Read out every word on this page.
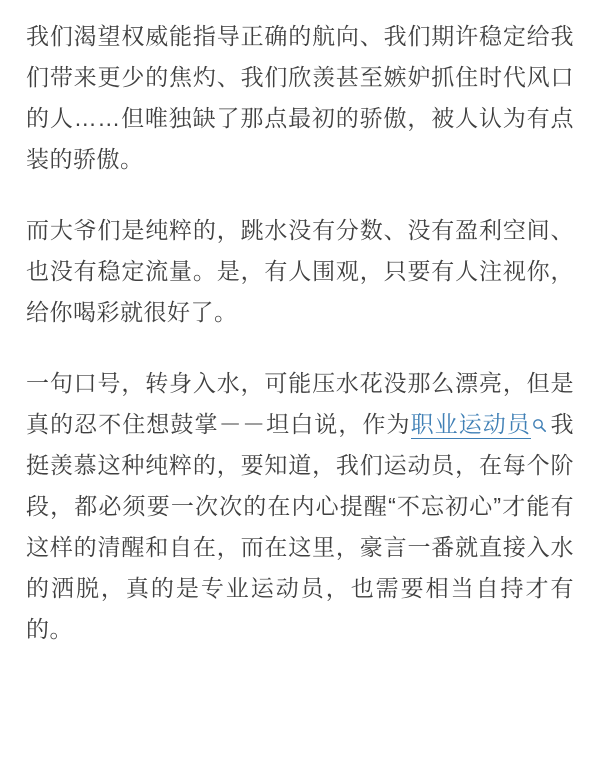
我们渴望权威能指导正确的航向、我们期许稳定给我们带来更少的焦灼、我们欣羡甚至嫉妒抓住时代风口的人……但唯独缺了那点最初的骄傲，被人认为有点装的骄傲。

而大爷们是纯粹的，跳水没有分数、没有盈利空间、也没有稳定流量。是，有人围观，只要有人注视你，给你喝彩就很好了。

一句口号，转身入水，可能压水花没那么漂亮，但是真的忍不住想鼓掌－－坦白说，作为职业运动员 我挺羡慕这种纯粹的，要知道，我们运动员，在每个阶段，都必须要一次次的在内心提醒“不忘初心”才能有这样的清醒和自在，而在这里，豪言一番就直接入水的洒脱，真的是专业运动员，也需要相当自持才有的。
